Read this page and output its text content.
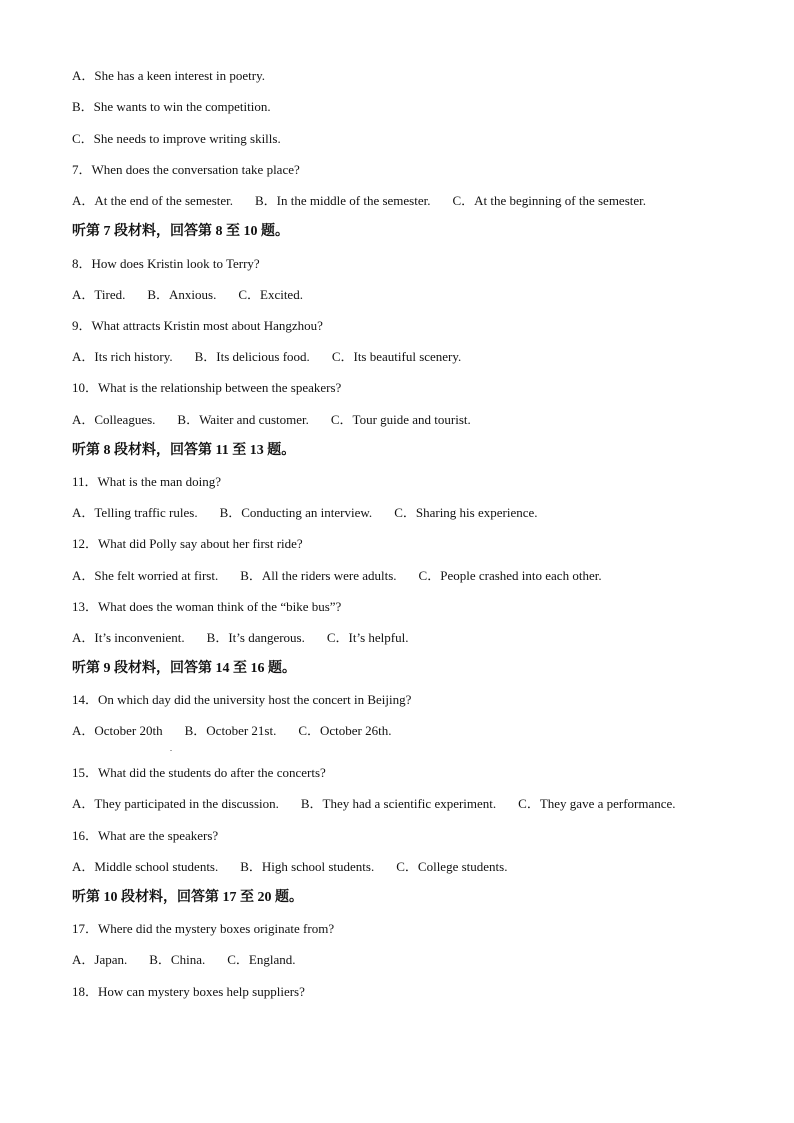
A．She has a keen interest in poetry.
B．She wants to win the competition.
C．She needs to improve writing skills.
7．When does the conversation take place?
A．At the end of the semester. B．In the middle of the semester. C．At the beginning of the semester.
听第 7 段材料，回答第 8 至 10 题。
8．How does Kristin look to Terry?
A．Tired. B．Anxious. C．Excited.
9．What attracts Kristin most about Hangzhou?
A．Its rich history. B．Its delicious food. C．Its beautiful scenery.
10．What is the relationship between the speakers?
A．Colleagues. B．Waiter and customer. C．Tour guide and tourist.
听第 8 段材料，回答第 11 至 13 题。
11．What is the man doing?
A．Telling traffic rules. B．Conducting an interview. C．Sharing his experience.
12．What did Polly say about her first ride?
A．She felt worried at first. B．All the riders were adults. C．People crashed into each other.
13．What does the woman think of the “bike bus”?
A．It’s inconvenient. B．It’s dangerous. C．It’s helpful.
听第 9 段材料，回答第 14 至 16 题。
14．On which day did the university host the concert in Beijing?
A．October 20th B．October 21st. C．October 26th.
.
15．What did the students do after the concerts?
A．They participated in the discussion. B．They had a scientific experiment. C．They gave a performance.
16．What are the speakers?
A．Middle school students. B．High school students. C．College students.
听第 10 段材料，回答第 17 至 20 题。
17．Where did the mystery boxes originate from?
A．Japan. B．China. C．England.
18．How can mystery boxes help suppliers?
